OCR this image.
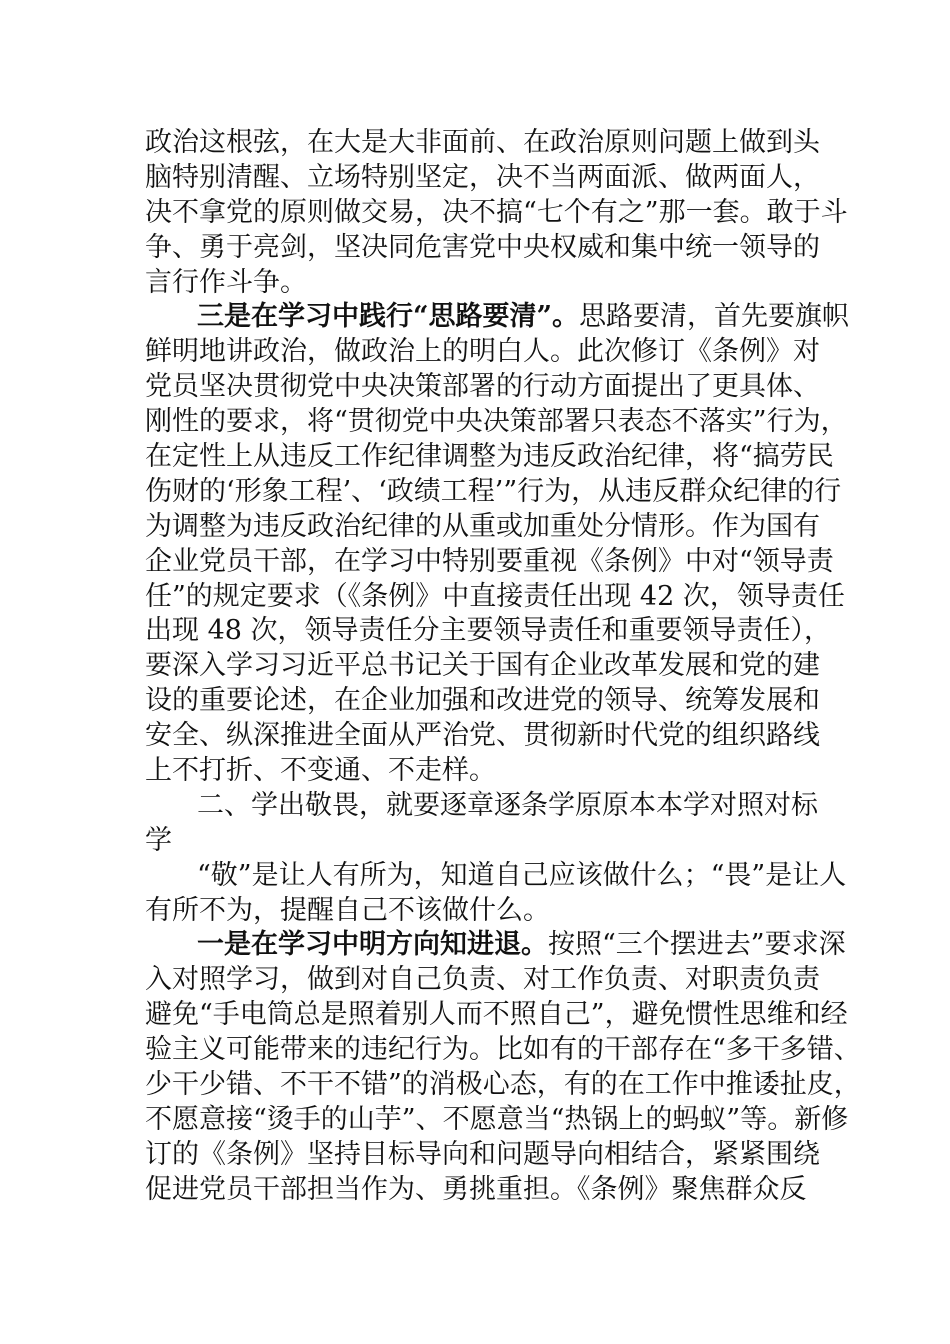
政治这根弦，在大是大非面前、在政治原则问题上做到头
脑特别清醒、立场特别坚定，决不当两面派、做两面人，
决不拿党的原则做交易，决不搞“七个有之”那一套。敢于斗
争、勇于亮剑，坚决同危害党中央权威和集中统一领导的
言行作斗争。
三是在学习中践行“思路要清”。思路要清，首先要旗帜
鲜明地讲政治，做政治上的明白人。此次修订《条例》对
党员坚决贯彻党中央决策部署的行动方面提出了更具体、
刚性的要求，将“贯彻党中央决策部署只表态不落实”行为，
在定性上从违反工作纪律调整为违反政治纪律，将“搞劳民
伤财的‘形象工程’、‘政绩工程’”行为，从违反群众纪律的行
为调整为违反政治纪律的从重或加重处分情形。作为国有
企业党员干部，在学习中特别要重视《条例》中对“领导责
任”的规定要求（《条例》中直接责任出现 42 次，领导责任
出现 48 次，领导责任分主要领导责任和重要领导责任），
要深入学习习近平总书记关于国有企业改革发展和党的建
设的重要论述，在企业加强和改进党的领导、统筹发展和
安全、纵深推进全面从严治党、贯彻新时代党的组织路线
上不打折、不变通、不走样。
二、学出敬畏，就要逐章逐条学原原本本学对照对标
学
“敬”是让人有所为，知道自己应该做什么；“畏”是让人
有所不为，提醒自己不该做什么。
一是在学习中明方向知进退。按照“三个摆进去”要求深
入对照学习，做到对自己负责、对工作负责、对职责负责
避免“手电筒总是照着别人而不照自己”，避免惯性思维和经
验主义可能带来的违纪行为。比如有的干部存在“多干多错、
少干少错、不干不错”的消极心态，有的在工作中推诿扯皮，
不愿意接“烫手的山芋”、不愿意当“热锅上的蚂蚁”等。新修
订的《条例》坚持目标导向和问题导向相结合，紧紧围绕
促进党员干部担当作为、勇挑重担。《条例》聚焦群众反
